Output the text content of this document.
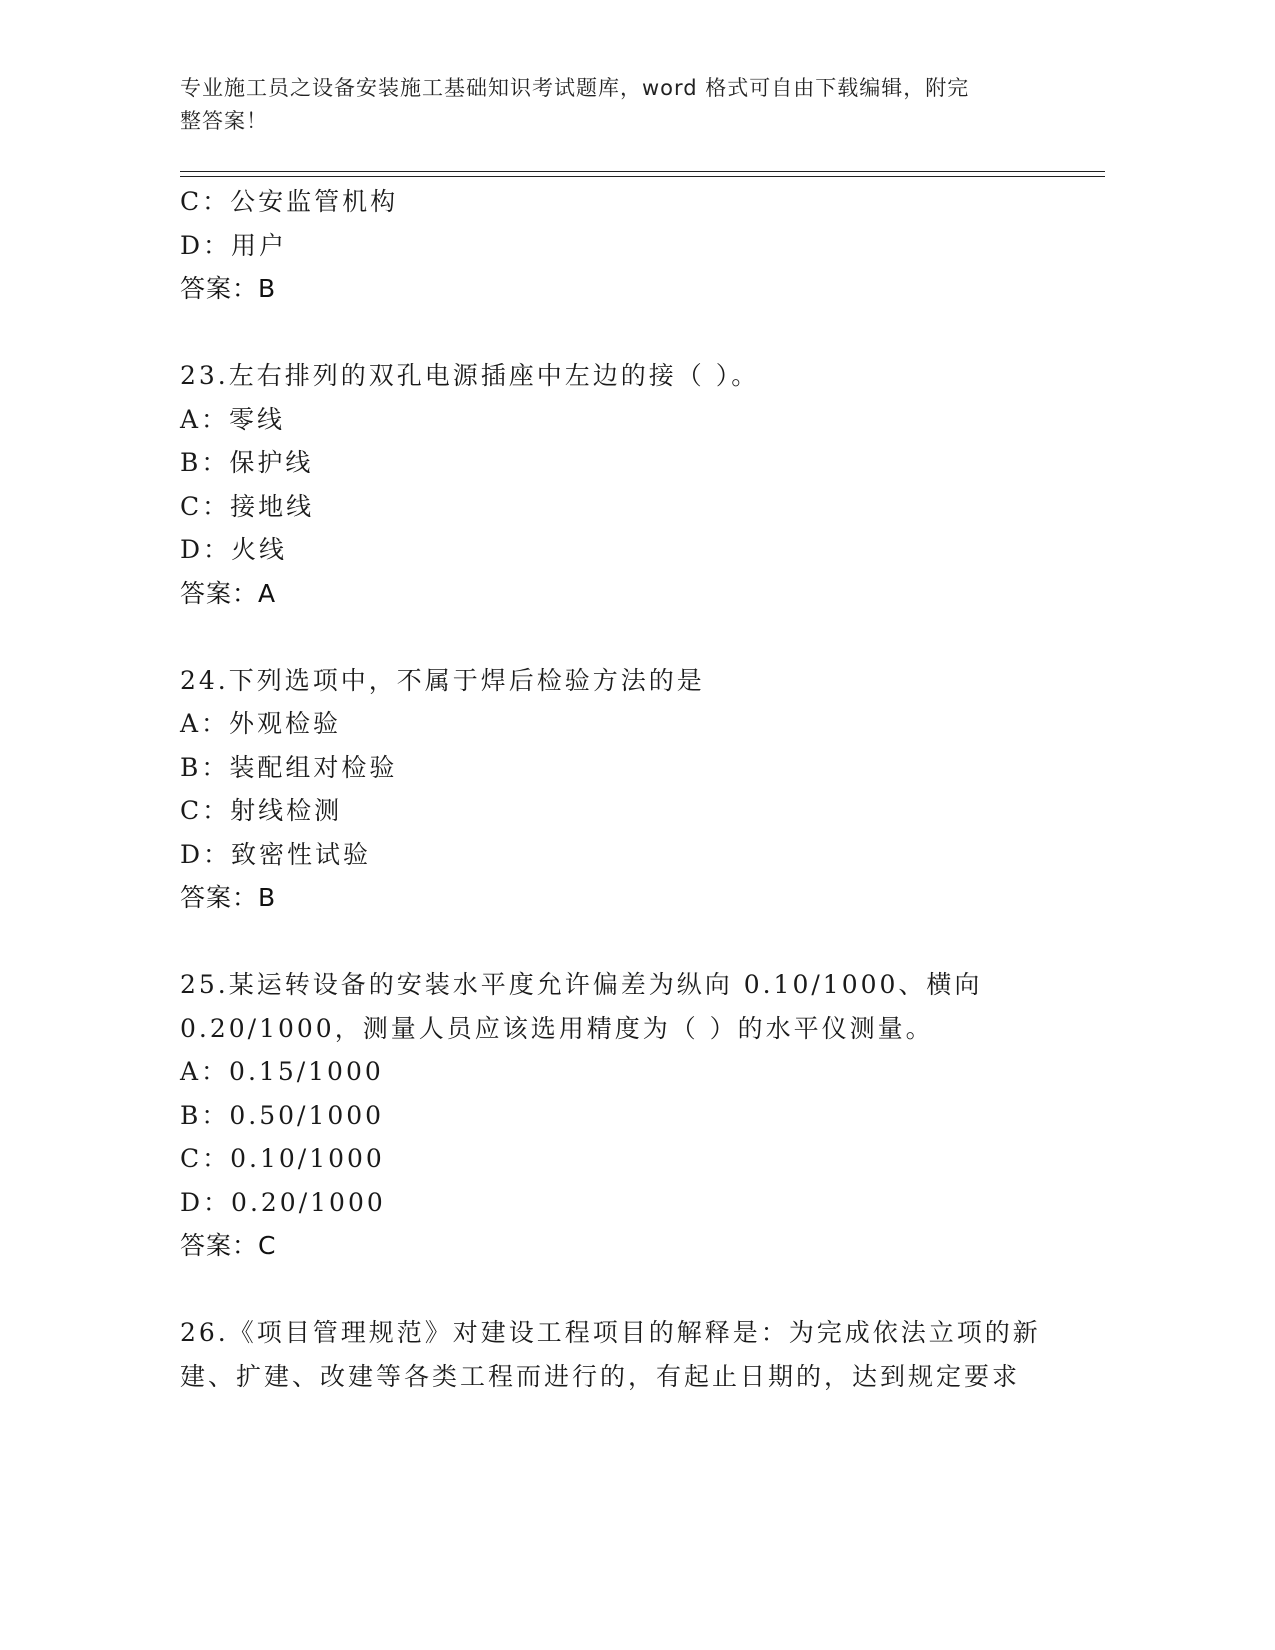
专业施工员之设备安装施工基础知识考试题库，word 格式可自由下载编辑，附完
整答案！
C：公安监管机构
D：用户
答案：B
23.左右排列的双孔电源插座中左边的接（ ）。
A：零线
B：保护线
C：接地线
D：火线
答案：A
24.下列选项中，不属于焊后检验方法的是
A：外观检验
B：装配组对检验
C：射线检测
D：致密性试验
答案：B
25.某运转设备的安装水平度允许偏差为纵向 0.10/1000、横向
0.20/1000，测量人员应该选用精度为（ ）的水平仪测量。
A：0.15/1000
B：0.50/1000
C：0.10/1000
D：0.20/1000
答案：C
26.《项目管理规范》对建设工程项目的解释是：为完成依法立项的新
建、扩建、改建等各类工程而进行的，有起止日期的，达到规定要求
